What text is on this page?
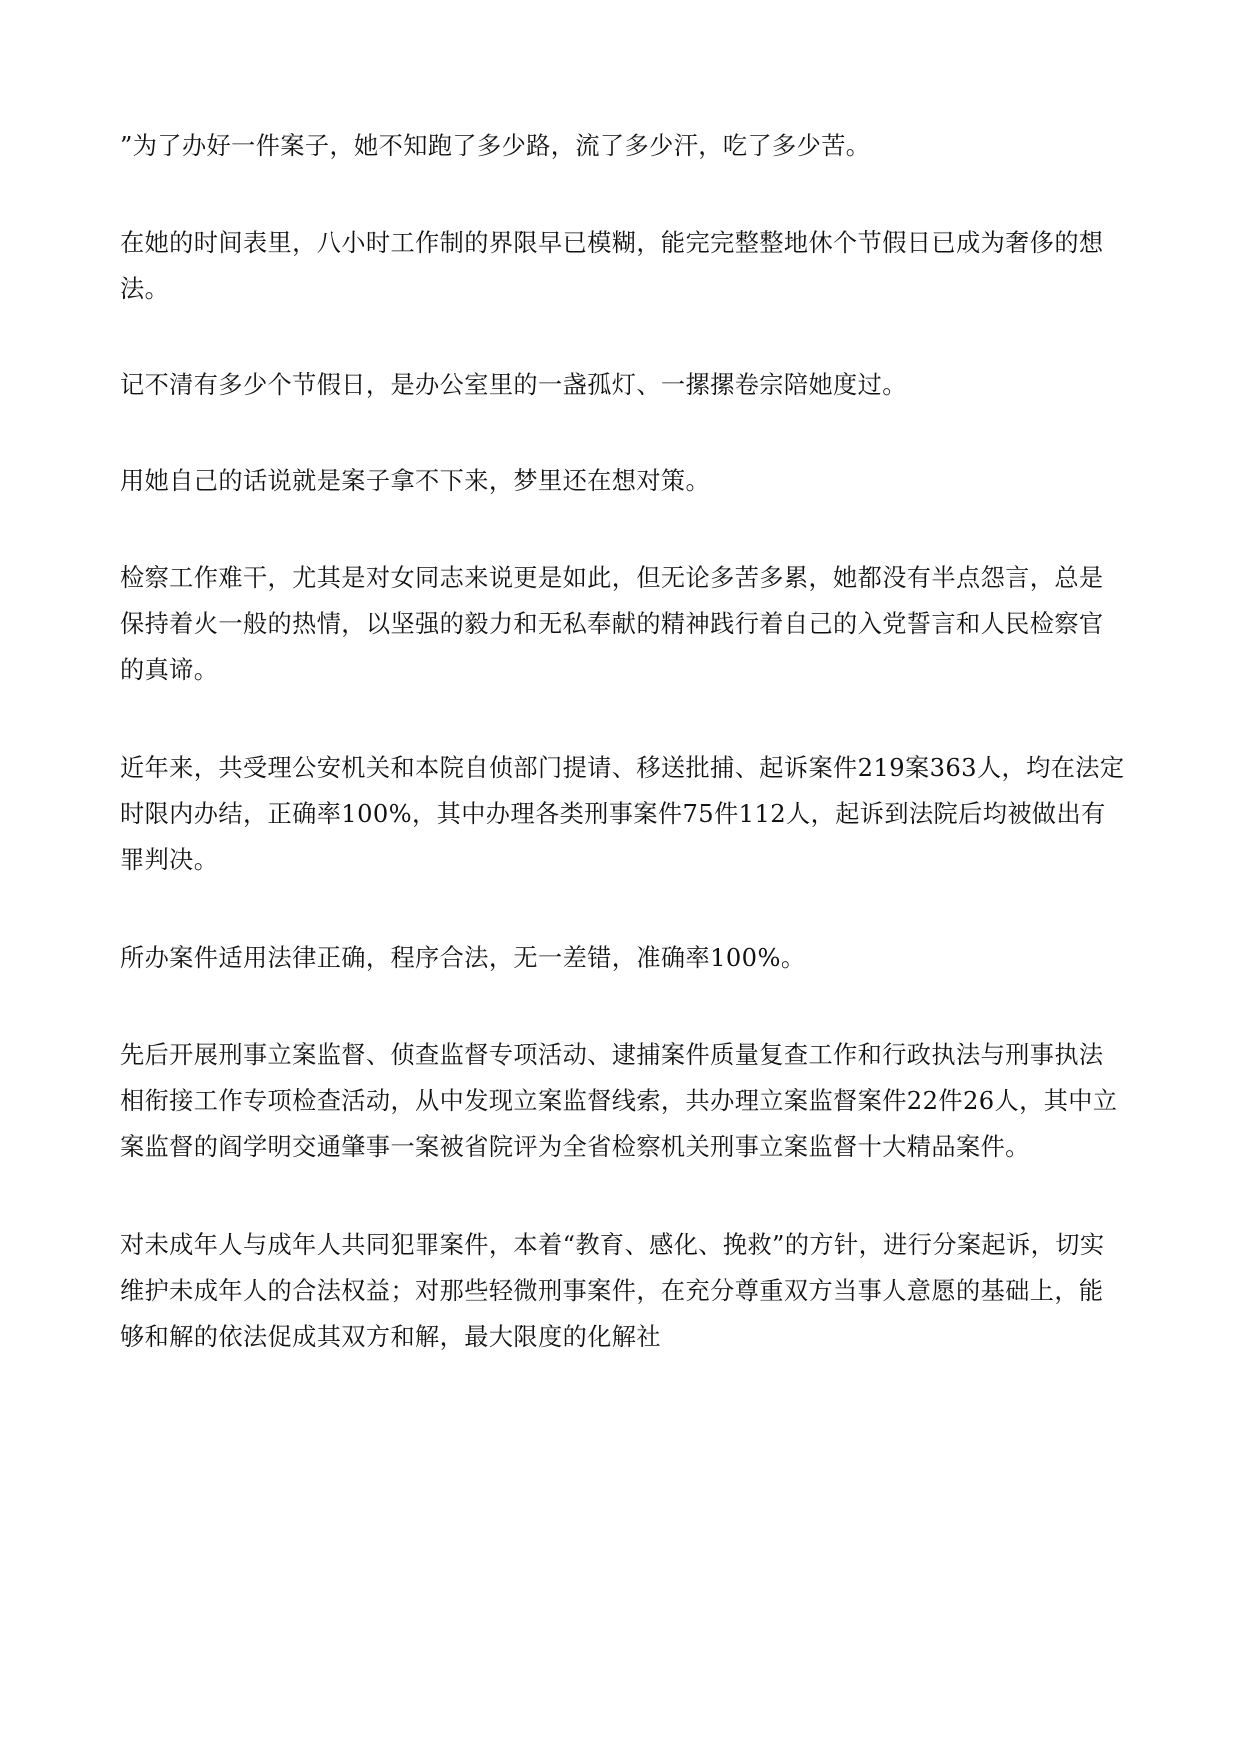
”为了办好一件案子，她不知跑了多少路，流了多少汗，吃了多少苦。

在她的时间表里，八小时工作制的界限早已模糊，能完完整整地休个节假日已成为奢侈的想法。

记不清有多少个节假日，是办公室里的一盏孤灯、一摞摞卷宗陪她度过。

用她自己的话说就是案子拿不下来，梦里还在想对策。

检察工作难干，尤其是对女同志来说更是如此，但无论多苦多累，她都没有半点怨言，总是保持着火一般的热情，以坚强的毅力和无私奉献的精神践行着自己的入党誓言和人民检察官的真谛。

近年来，共受理公安机关和本院自侦部门提请、移送批捕、起诉案件219案363人，均在法定时限内办结，正确率100%，其中办理各类刑事案件75件112人，起诉到法院后均被做出有罪判决。

所办案件适用法律正确，程序合法，无一差错，准确率100%。

先后开展刑事立案监督、侦查监督专项活动、逮捕案件质量复查工作和行政执法与刑事执法相衔接工作专项检查活动，从中发现立案监督线索，共办理立案监督案件22件26人，其中立案监督的阎学明交通肇事一案被省院评为全省检察机关刑事立案监督十大精品案件。

对未成年人与成年人共同犯罪案件，本着“教育、感化、挽救”的方针，进行分案起诉，切实维护未成年人的合法权益；对那些轻微刑事案件，在充分尊重双方当事人意愿的基础上，能够和解的依法促成其双方和解，最大限度的化解社
